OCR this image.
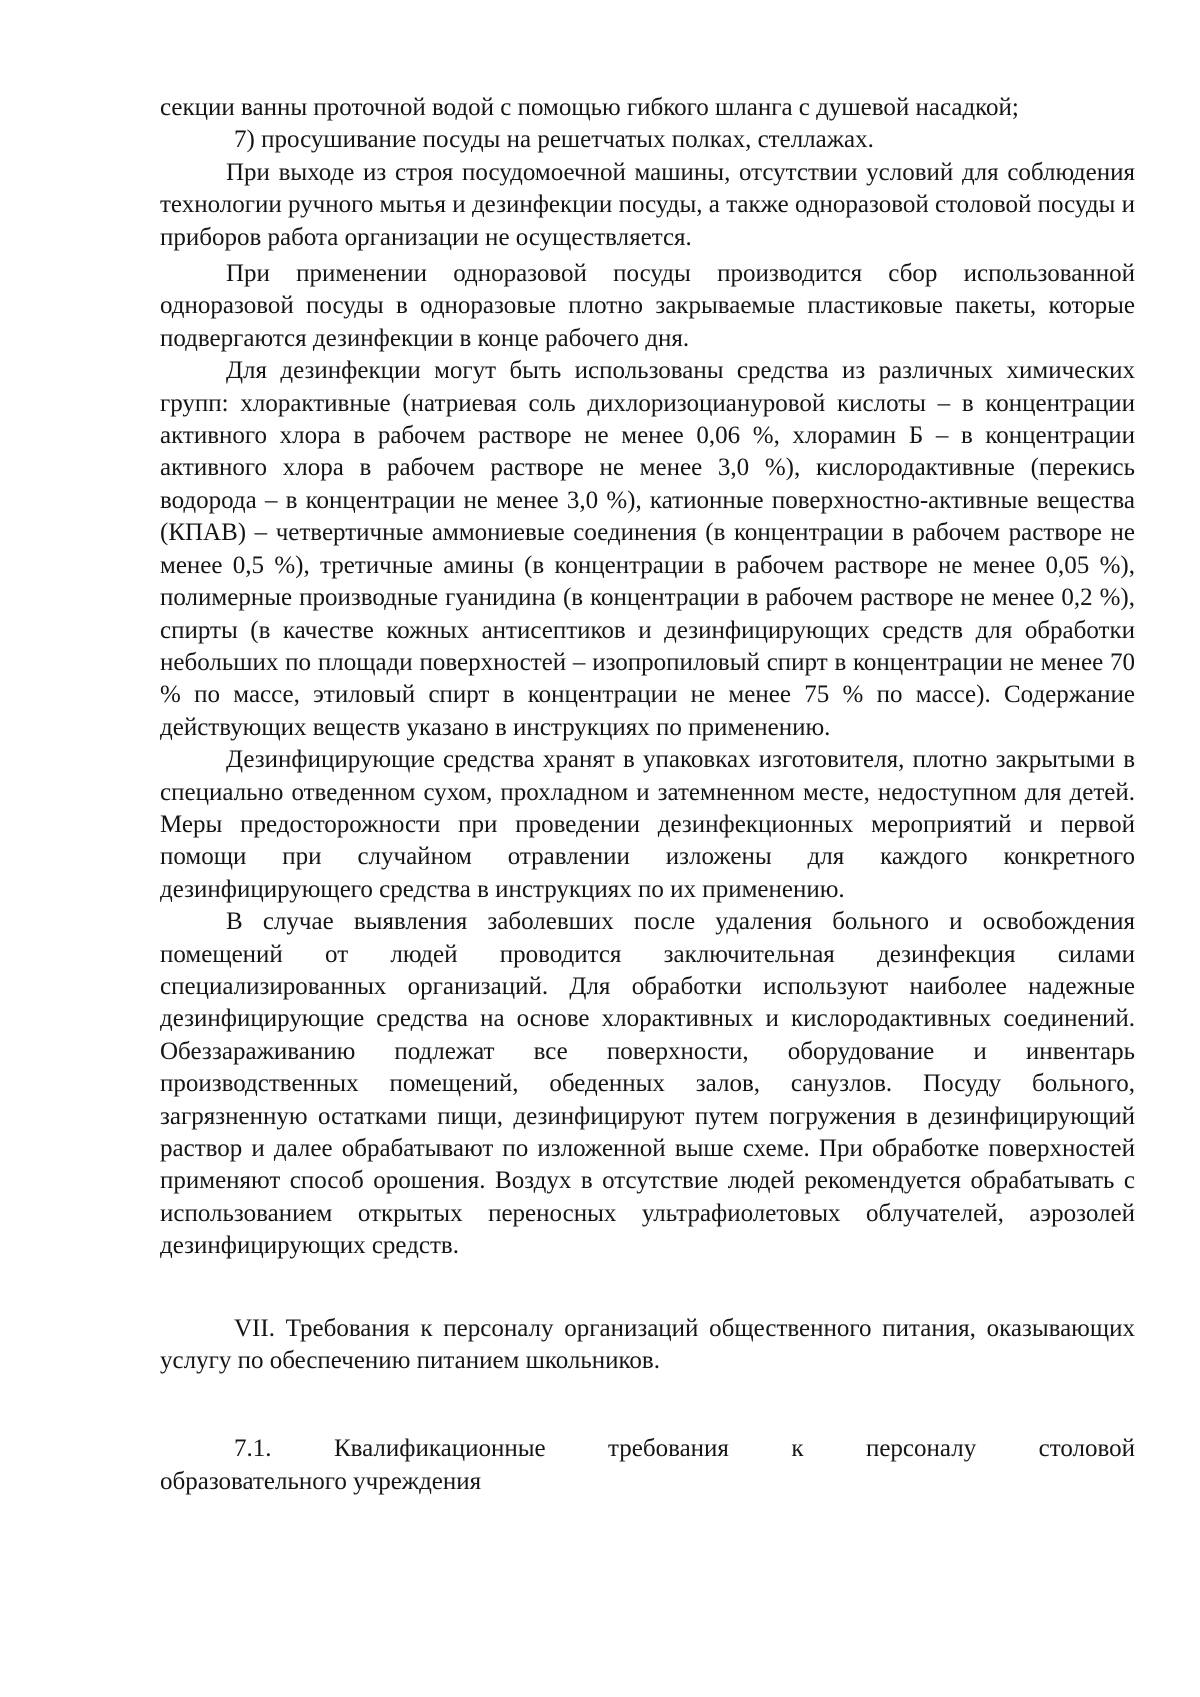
секции ванны проточной водой с помощью гибкого шланга с душевой насадкой;

7) просушивание посуды на решетчатых полках, стеллажах.

При выходе из строя посудомоечной машины, отсутствии условий для соблюдения технологии ручного мытья и дезинфекции посуды, а также одноразовой столовой посуды и приборов работа организации не осуществляется.

При применении одноразовой посуды производится сбор использованной одноразовой посуды в одноразовые плотно закрываемые пластиковые пакеты, которые подвергаются дезинфекции в конце рабочего дня.

Для дезинфекции могут быть использованы средства из различных химических групп: хлорактивные (натриевая соль дихлоризоциануровой кислоты – в концентрации активного хлора в рабочем растворе не менее 0,06 %, хлорамин Б – в концентрации активного хлора в рабочем растворе не менее 3,0 %), кислородактивные (перекись водорода – в концентрации не менее 3,0 %), катионные поверхностно-активные вещества (КПАВ) – четвертичные аммониевые соединения (в концентрации в рабочем растворе не менее 0,5 %), третичные амины (в концентрации в рабочем растворе не менее 0,05 %), полимерные производные гуанидина (в концентрации в рабочем растворе не менее 0,2 %), спирты (в качестве кожных антисептиков и дезинфицирующих средств для обработки небольших по площади поверхностей – изопропиловый спирт в концентрации не менее 70 % по массе, этиловый спирт в концентрации не менее 75 % по массе). Содержание действующих веществ указано в инструкциях по применению.

Дезинфицирующие средства хранят в упаковках изготовителя, плотно закрытыми в специально отведенном сухом, прохладном и затемненном месте, недоступном для детей. Меры предосторожности при проведении дезинфекционных мероприятий и первой помощи при случайном отравлении изложены для каждого конкретного дезинфицирующего средства в инструкциях по их применению.

В случае выявления заболевших после удаления больного и освобождения помещений от людей проводится заключительная дезинфекция силами специализированных организаций. Для обработки используют наиболее надежные дезинфицирующие средства на основе хлорактивных и кислородактивных соединений. Обеззараживанию подлежат все поверхности, оборудование и инвентарь производственных помещений, обеденных залов, санузлов. Посуду больного, загрязненную остатками пищи, дезинфицируют путем погружения в дезинфицирующий раствор и далее обрабатывают по изложенной выше схеме. При обработке поверхностей применяют способ орошения. Воздух в отсутствие людей рекомендуется обрабатывать с использованием открытых переносных ультрафиолетовых облучателей, аэрозолей дезинфицирующих средств.

VII. Требования к персоналу организаций общественного питания, оказывающих услугу по обеспечению питанием школьников.

7.1. Квалификационные требования к персоналу столовой

образовательного учреждения
